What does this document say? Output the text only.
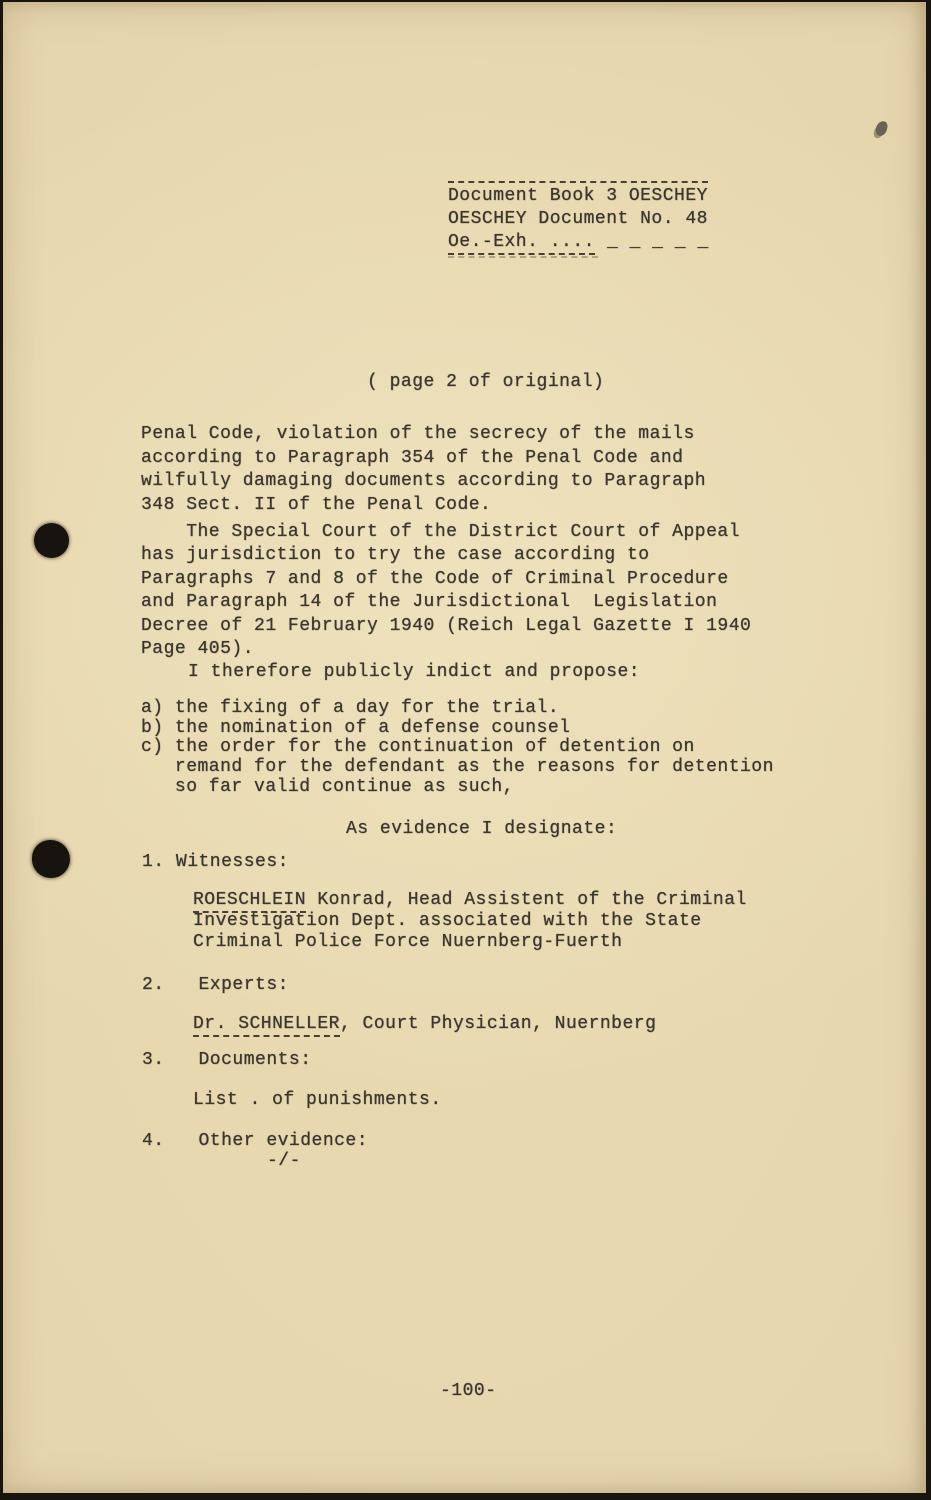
Document Book 3 OESCHEY
OESCHEY Document No. 48
Oe.-Exh. .... _ _ _ _ _
( page 2 of original)
Penal Code, violation of the secrecy of the mails
according to Paragraph 354 of the Penal Code and
wilfully damaging documents according to Paragraph
348 Sect. II of the Penal Code.
The Special Court of the District Court of Appeal
has jurisdiction to try the case according to
Paragraphs 7 and 8 of the Code of Criminal Procedure
and Paragraph 14 of the Jurisdictional  Legislation
Decree of 21 February 1940 (Reich Legal Gazette I 1940
Page 405).
I therefore publicly indict and propose:
a) the fixing of a day for the trial.
b) the nomination of a defense counsel
c) the order for the continuation of detention on
remand for the defendant as the reasons for detention
so far valid continue as such,
As evidence I designate:
1. Witnesses:
ROESCHLEIN Konrad, Head Assistent of the Criminal
Investigation Dept. associated with the State
Criminal Police Force Nuernberg-Fuerth
2.   Experts:
Dr. SCHNELLER, Court Physician, Nuernberg
3.   Documents:
List . of punishments.
4.   Other evidence:
-/-
-100-
